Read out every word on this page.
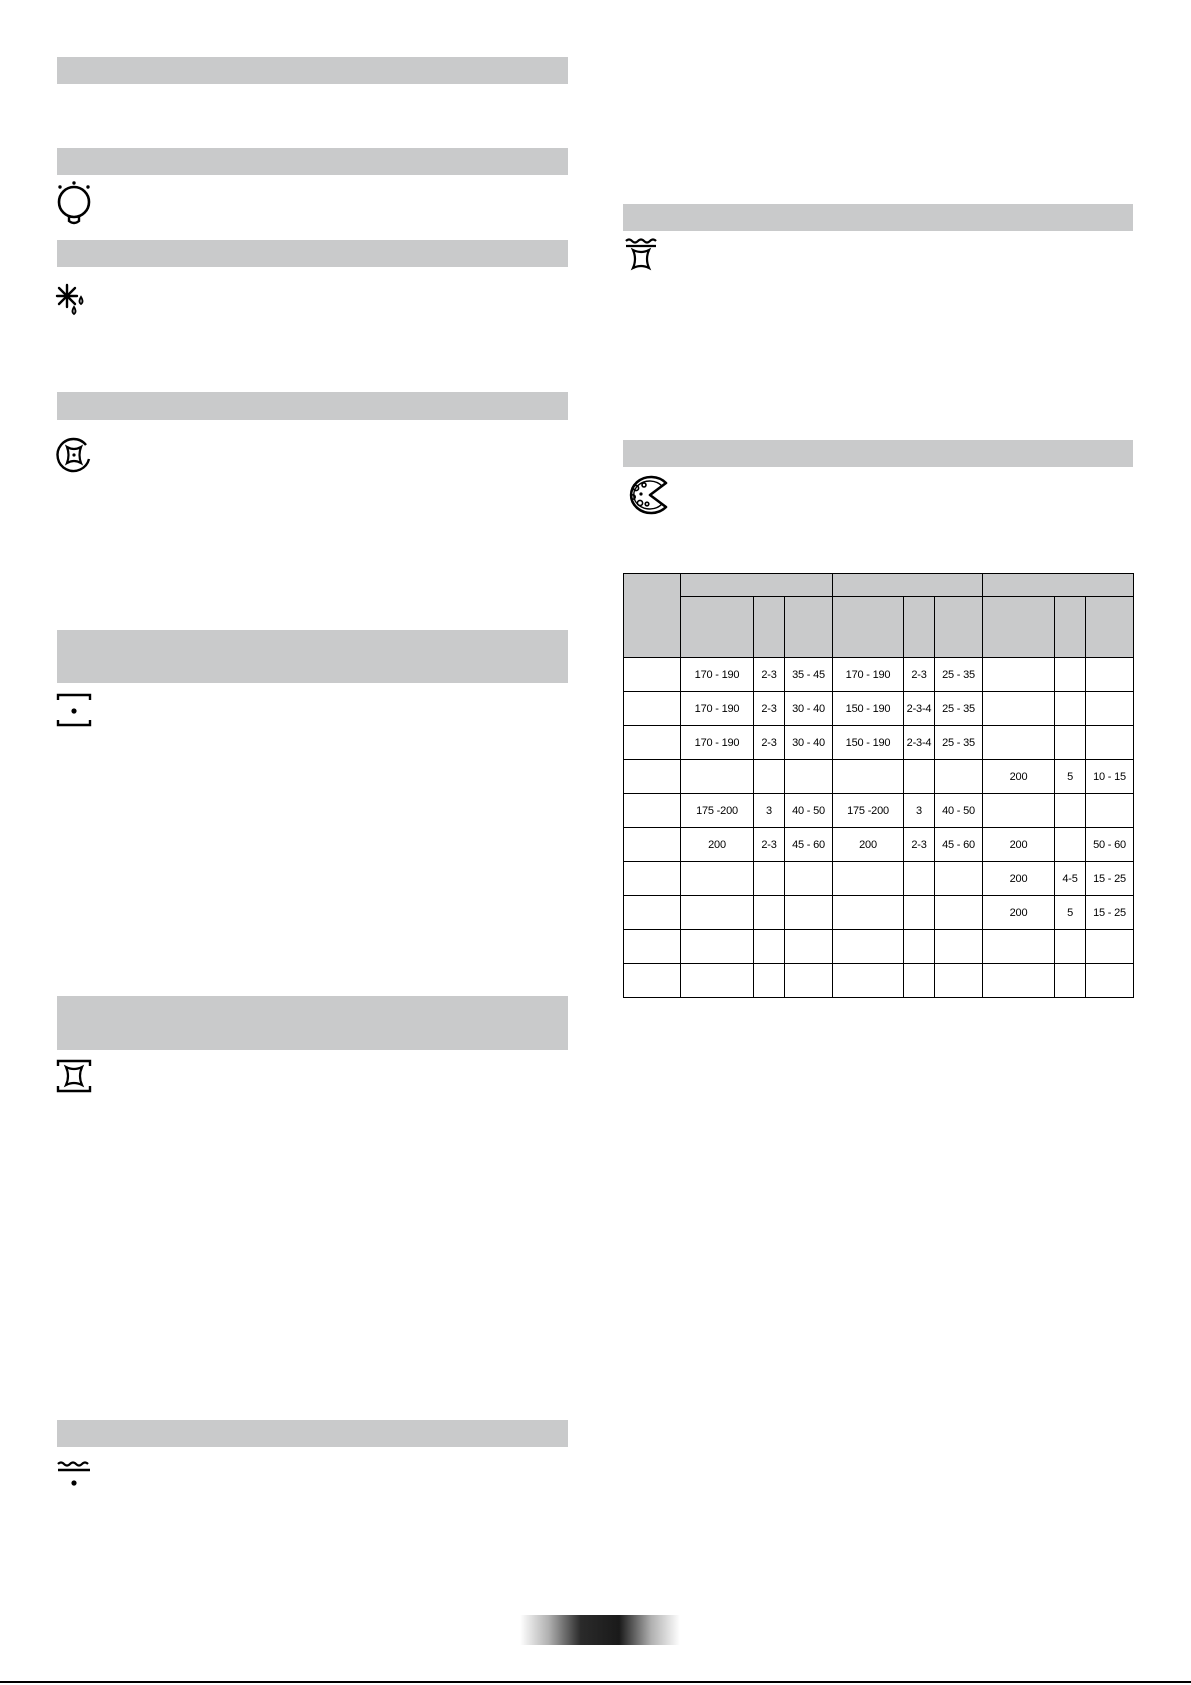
	170 - 190	2-3	35 - 45	170 - 190	2-3	25 - 35			
	170 - 190	2-3	30 - 40	150 - 190	2-3-4	25 - 35			
	170 - 190	2-3	30 - 40	150 - 190	2-3-4	25 - 35			
							200	5	10 - 15
	175 -200	3	40 - 50	175 -200	3	40 - 50			
	200	2-3	45 - 60	200	2-3	45 - 60	200		50 - 60
							200	4-5	15 - 25
							200	5	15 - 25
